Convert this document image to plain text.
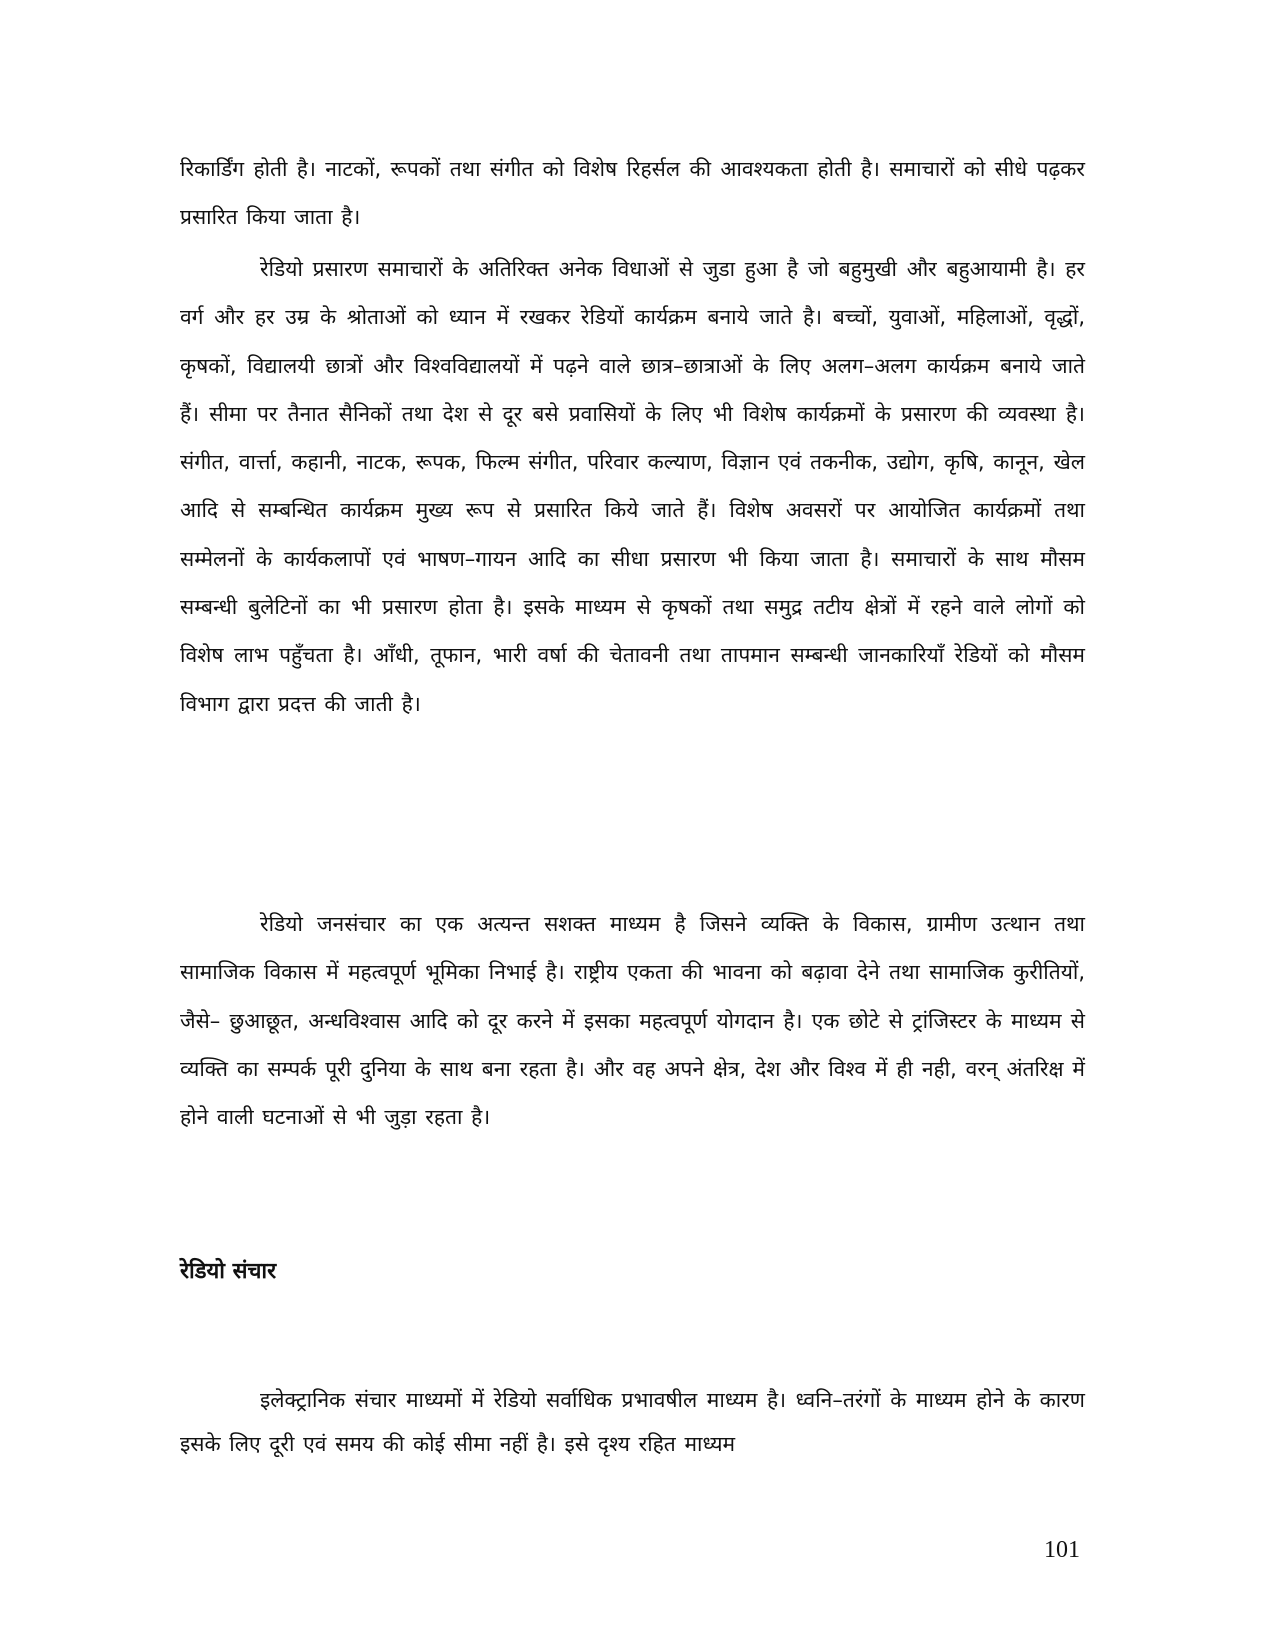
रिकार्डिंग होती है। नाटकों, रूपकों तथा संगीत को विशेष रिहर्सल की आवश्यकता होती है। समाचारों को सीधे पढ़कर प्रसारित किया जाता है।

रेडियो प्रसारण समाचारों के अतिरिक्त अनेक विधाओं से जुडा हुआ है जो बहुमुखी और बहुआयामी है। हर वर्ग और हर उम्र के श्रोताओं को ध्यान में रखकर रेडियों कार्यक्रम बनाये जाते है। बच्चों, युवाओं, महिलाओं, वृद्धों, कृषकों, विद्यालयी छात्रों और विश्वविद्यालयों में पढ़ने वाले छात्र–छात्राओं के लिए अलग–अलग कार्यक्रम बनाये जाते हैं। सीमा पर तैनात सैनिकों तथा देश से दूर बसे प्रवासियों के लिए भी विशेष कार्यक्रमों के प्रसारण की व्यवस्था है। संगीत, वार्त्ता, कहानी, नाटक, रूपक, फिल्म संगीत, परिवार कल्याण, विज्ञान एवं तकनीक, उद्योग, कृषि, कानून, खेल आदि से सम्बन्धित कार्यक्रम मुख्य रूप से प्रसारित किये जाते हैं। विशेष अवसरों पर आयोजित कार्यक्रमों तथा सम्मेलनों के कार्यकलापों एवं भाषण–गायन आदि का सीधा प्रसारण भी किया जाता है। समाचारों के साथ मौसम सम्बन्धी बुलेटिनों का भी प्रसारण होता है। इसके माध्यम से कृषकों तथा समुद्र तटीय क्षेत्रों में रहने वाले लोगों को विशेष लाभ पहुँचता है। आँधी, तूफान, भारी वर्षा की चेतावनी तथा तापमान सम्बन्धी जानकारियाँ रेडियों को मौसम विभाग द्वारा प्रदत्त की जाती है।

रेडियो जनसंचार का एक अत्यन्त सशक्त माध्यम है जिसने व्यक्ति के विकास, ग्रामीण उत्थान तथा सामाजिक विकास में महत्वपूर्ण भूमिका निभाई है। राष्ट्रीय एकता की भावना को बढ़ावा देने तथा सामाजिक कुरीतियों, जैसे– छुआछूत, अन्धविश्वास आदि को दूर करने में इसका महत्वपूर्ण योगदान है। एक छोटे से ट्रांजिस्टर के माध्यम से व्यक्ति का सम्पर्क पूरी दुनिया के साथ बना रहता है। और वह अपने क्षेत्र, देश और विश्व में ही नही, वरन् अंतरिक्ष में होने वाली घटनाओं से भी जुड़ा रहता है।

रेडियो संचार

इलेक्ट्रानिक संचार माध्यमों में रेडियो सर्वाधिक प्रभावषील माध्यम है। ध्वनि–तरंगों के माध्यम होने के कारण इसके लिए दूरी एवं समय की कोई सीमा नहीं है। इसे दृश्य रहित माध्यम

101
